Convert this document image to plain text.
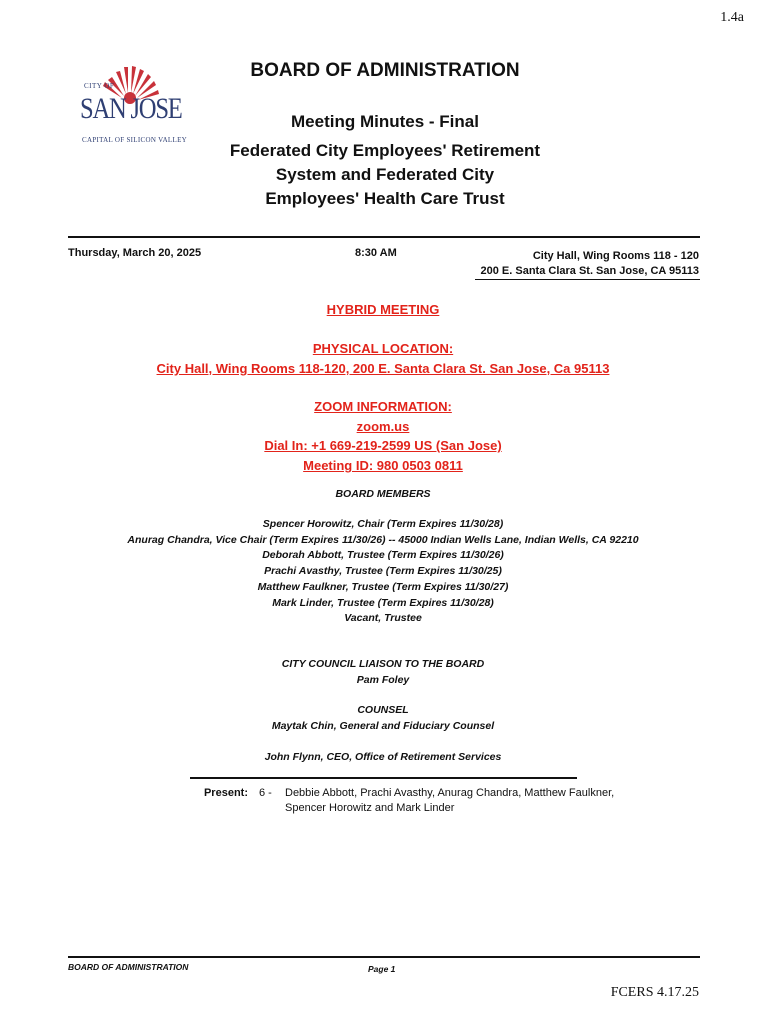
1.4a
CITY OF
SAN JOSE
CAPITAL OF SILICON VALLEY
BOARD OF ADMINISTRATION
Meeting Minutes - Final
Federated City Employees' Retirement
System and Federated City
Employees' Health Care Trust
Thursday, March 20, 2025	8:30 AM	City Hall, Wing Rooms 118 - 120
200 E. Santa Clara St. San Jose, CA 95113
HYBRID MEETING
PHYSICAL LOCATION:
City Hall, Wing Rooms 118-120, 200 E. Santa Clara St. San Jose, Ca 95113
ZOOM INFORMATION:
zoom.us
Dial In: +1 669-219-2599 US (San Jose)
Meeting ID: 980 0503 0811
BOARD MEMBERS
Spencer Horowitz, Chair (Term Expires 11/30/28)
Anurag Chandra, Vice Chair (Term Expires 11/30/26) -- 45000 Indian Wells Lane, Indian Wells, CA 92210
Deborah Abbott, Trustee (Term Expires 11/30/26)
Prachi Avasthy, Trustee (Term Expires 11/30/25)
Matthew Faulkner, Trustee (Term Expires 11/30/27)
Mark Linder, Trustee (Term Expires 11/30/28)
Vacant, Trustee
CITY COUNCIL LIAISON TO THE BOARD
Pam Foley
COUNSEL
Maytak Chin, General and Fiduciary Counsel
John Flynn, CEO, Office of Retirement Services
Present: 6 - Debbie Abbott, Prachi Avasthy, Anurag Chandra, Matthew Faulkner,
Spencer Horowitz and Mark Linder
BOARD OF ADMINISTRATION	Page 1
FCERS 4.17.25
